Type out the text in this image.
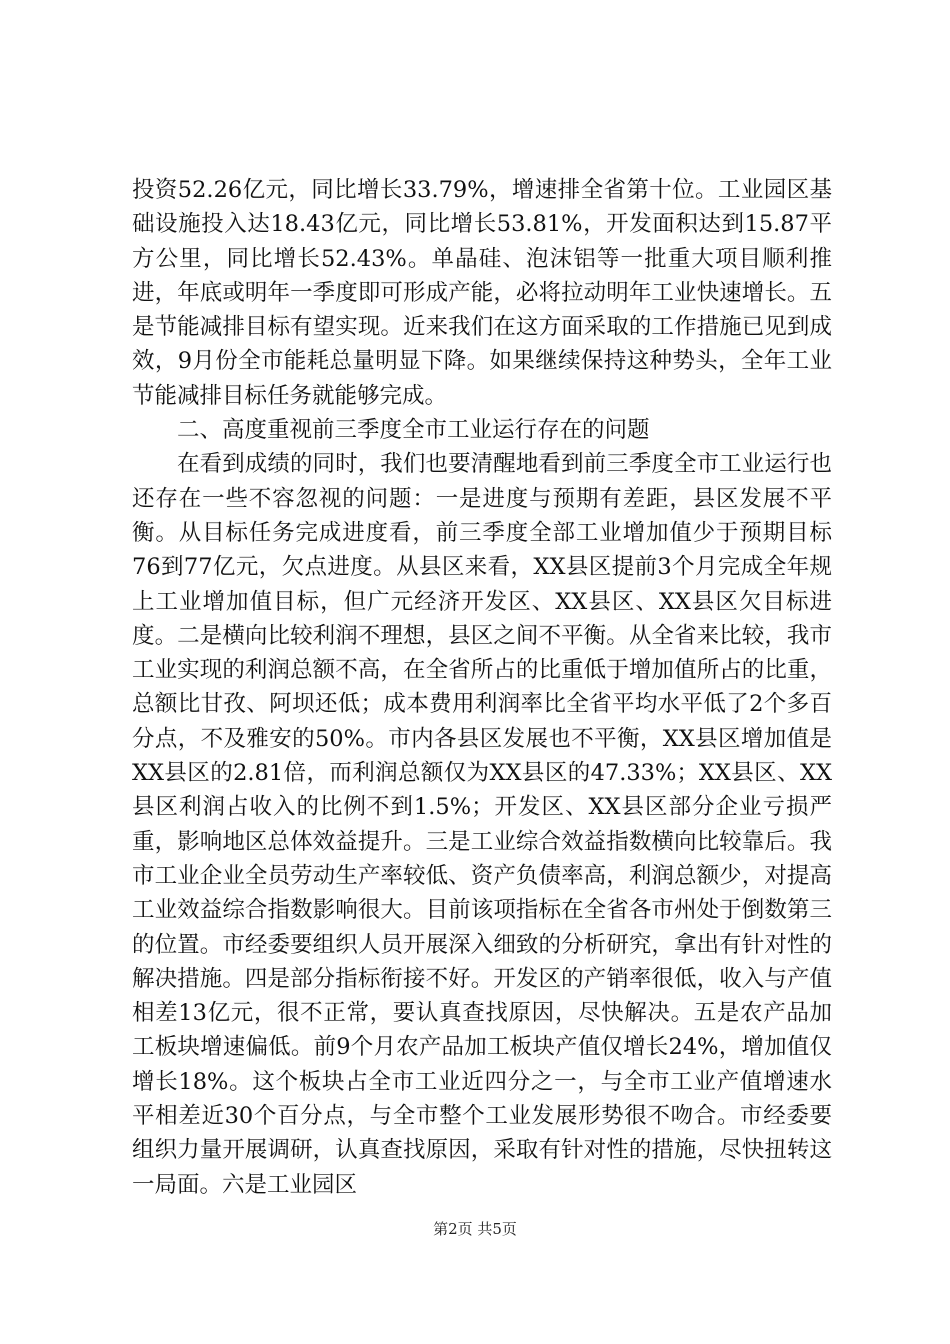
投资52.26亿元，同比增长33.79%，增速排全省第十位。工业园区基础设施投入达18.43亿元，同比增长53.81%，开发面积达到15.87平方公里，同比增长52.43%。单晶硅、泡沫铝等一批重大项目顺利推进，年底或明年一季度即可形成产能，必将拉动明年工业快速增长。五是节能减排目标有望实现。近来我们在这方面采取的工作措施已见到成效，9月份全市能耗总量明显下降。如果继续保持这种势头，全年工业节能减排目标任务就能够完成。

二、高度重视前三季度全市工业运行存在的问题

在看到成绩的同时，我们也要清醒地看到前三季度全市工业运行也还存在一些不容忽视的问题：一是进度与预期有差距，县区发展不平衡。从目标任务完成进度看，前三季度全部工业增加值少于预期目标76到77亿元，欠点进度。从县区来看，XX县区提前3个月完成全年规上工业增加值目标，但广元经济开发区、XX县区、XX县区欠目标进度。二是横向比较利润不理想，县区之间不平衡。从全省来比较，我市工业实现的利润总额不高，在全省所占的比重低于增加值所占的比重，总额比甘孜、阿坝还低；成本费用利润率比全省平均水平低了2个多百分点，不及雅安的50%。市内各县区发展也不平衡，XX县区增加值是XX县区的2.81倍，而利润总额仅为XX县区的47.33%；XX县区、XX县区利润占收入的比例不到1.5%；开发区、XX县区部分企业亏损严重，影响地区总体效益提升。三是工业综合效益指数横向比较靠后。我市工业企业全员劳动生产率较低、资产负债率高，利润总额少，对提高工业效益综合指数影响很大。目前该项指标在全省各市州处于倒数第三的位置。市经委要组织人员开展深入细致的分析研究，拿出有针对性的解决措施。四是部分指标衔接不好。开发区的产销率很低，收入与产值相差13亿元，很不正常，要认真查找原因，尽快解决。五是农产品加工板块增速偏低。前9个月农产品加工板块产值仅增长24%，增加值仅增长18%。这个板块占全市工业近四分之一，与全市工业产值增速水平相差近30个百分点，与全市整个工业发展形势很不吻合。市经委要组织力量开展调研，认真查找原因，采取有针对性的措施，尽快扭转这一局面。六是工业园区

第2页 共5页
